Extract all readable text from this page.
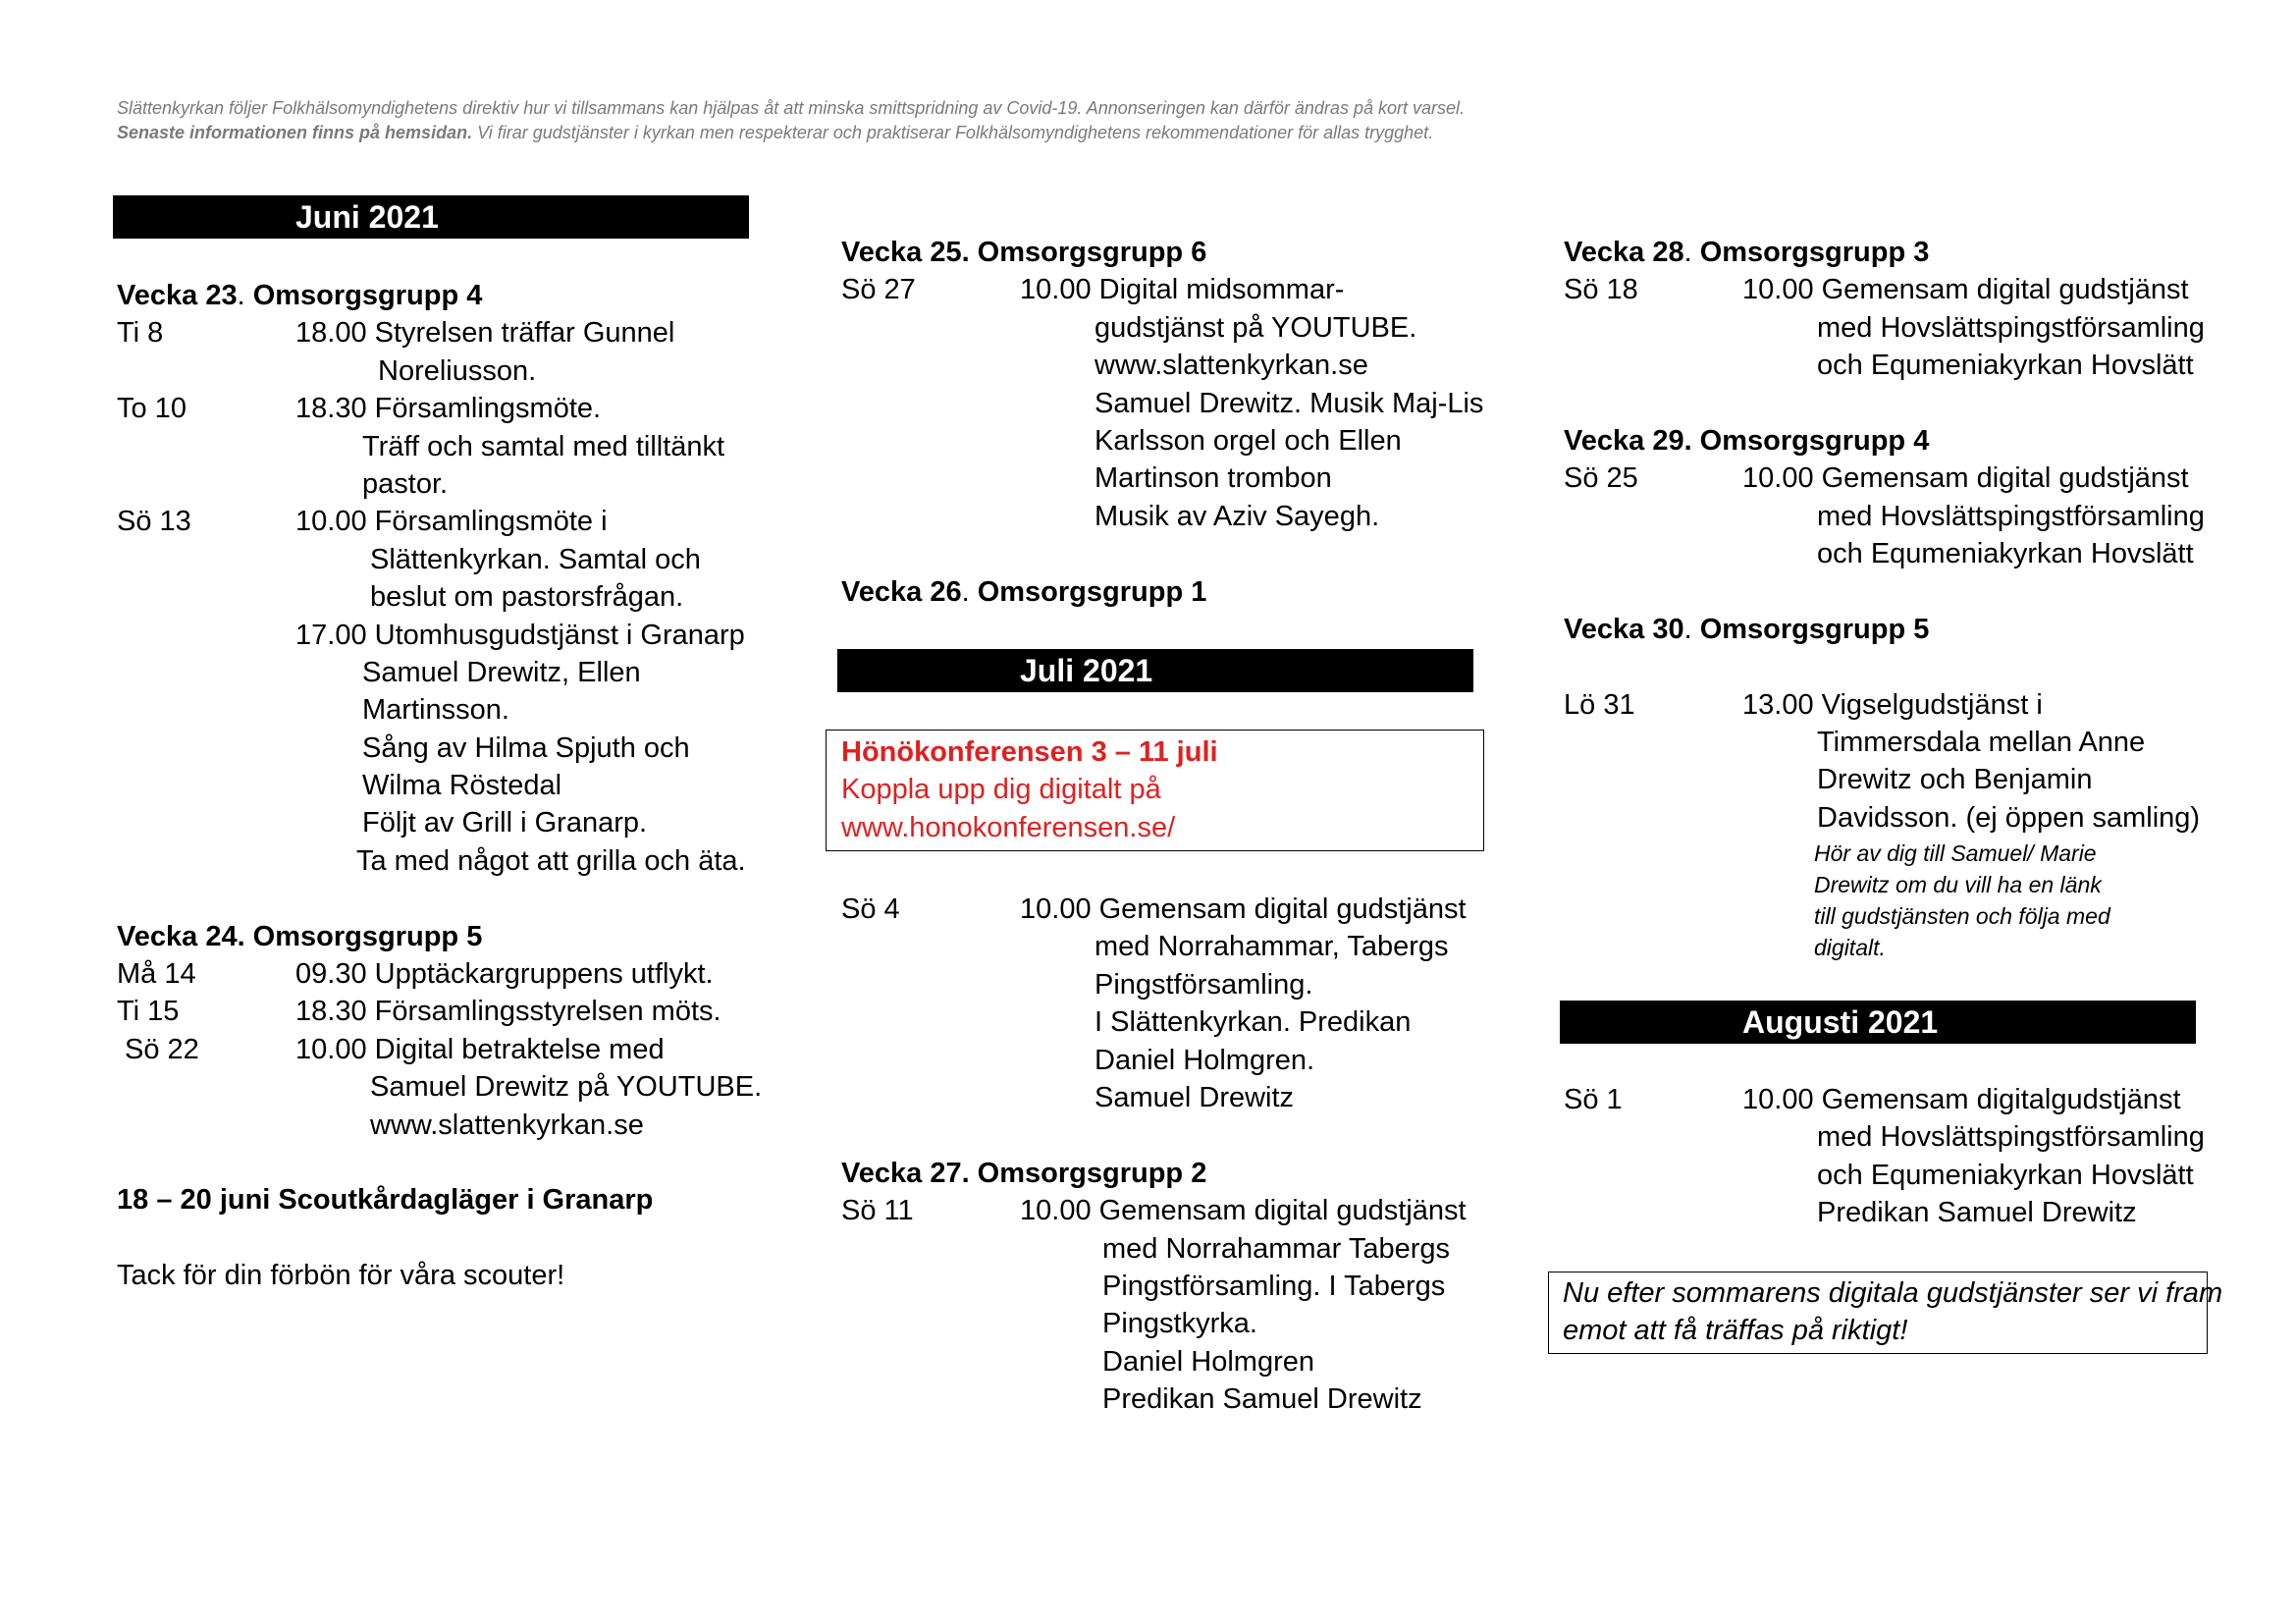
Slättenkyrkan följer Folkhälsomyndighetens direktiv hur vi tillsammans kan hjälpas åt att minska smittspridning av Covid-19. Annonseringen kan därför ändras på kort varsel.
Senaste informationen finns på hemsidan. Vi firar gudstjänster i kyrkan men respekterar och praktiserar Folkhälsomyndighetens rekommendationer för allas trygghet.
Juni 2021
Vecka 23. Omsorgsgrupp 4
Ti 8	18.00 Styrelsen träffar Gunnel
Noreliusson.
To 10	18.30 Församlingsmöte.
Träff och samtal med tilltänkt
pastor.
Sö 13	10.00 Församlingsmöte i
Slättenkyrkan. Samtal och
beslut om pastorsfrågan.
17.00 Utomhusgudstjänst i Granarp
Samuel Drewitz, Ellen
Martinsson.
Sång av Hilma Spjuth och
Wilma Röstedal
Följt av Grill i Granarp.
Ta med något att grilla och äta.
Vecka 24. Omsorgsgrupp 5
Må 14	09.30 Upptäckargruppens utflykt.
Ti 15	18.30 Församlingsstyrelsen möts.
Sö 22	10.00 Digital betraktelse med
Samuel Drewitz på YOUTUBE.
www.slattenkyrkan.se
18 – 20 juni Scoutkårdagläger i Granarp
Tack för din förbön för våra scouter!
Vecka 25. Omsorgsgrupp 6
Sö 27	10.00 Digital midsommar-
gudstjänst på YOUTUBE.
www.slattenkyrkan.se
Samuel Drewitz. Musik Maj-Lis
Karlsson orgel och Ellen
Martinson trombon
Musik av Aziv Sayegh.
Vecka 26. Omsorgsgrupp 1
Juli 2021
Hönökonferensen 3 – 11 juli
Koppla upp dig digitalt på
www.honokonferensen.se/
Sö 4	10.00 Gemensam digital gudstjänst
med Norrahammar, Tabergs
Pingstförsamling.
I Slättenkyrkan. Predikan
Daniel Holmgren.
Samuel Drewitz
Vecka 27. Omsorgsgrupp 2
Sö 11	10.00 Gemensam digital gudstjänst
med Norrahammar Tabergs
Pingstförsamling. I Tabergs
Pingstkyrka.
Daniel Holmgren
Predikan Samuel Drewitz
Vecka 28. Omsorgsgrupp 3
Sö 18	10.00 Gemensam digital gudstjänst
med Hovslättspingstförsamling
och Equmeniakyrkan Hovslätt
Vecka 29. Omsorgsgrupp 4
Sö 25	10.00 Gemensam digital gudstjänst
med Hovslättspingstförsamling
och Equmeniakyrkan Hovslätt
Vecka 30. Omsorgsgrupp 5
Lö 31	13.00 Vigselgudstjänst i
Timmersdala mellan Anne
Drewitz och Benjamin
Davidsson. (ej öppen samling)
Hör av dig till Samuel/ Marie
Drewitz om du vill ha en länk
till gudstjänsten och följa med
digitalt.
Augusti 2021
Sö 1	10.00 Gemensam digitalgudstjänst
med Hovslättspingstförsamling
och Equmeniakyrkan Hovslätt
Predikan Samuel Drewitz
Nu efter sommarens digitala gudstjänster ser vi fram
emot att få träffas på riktigt!
